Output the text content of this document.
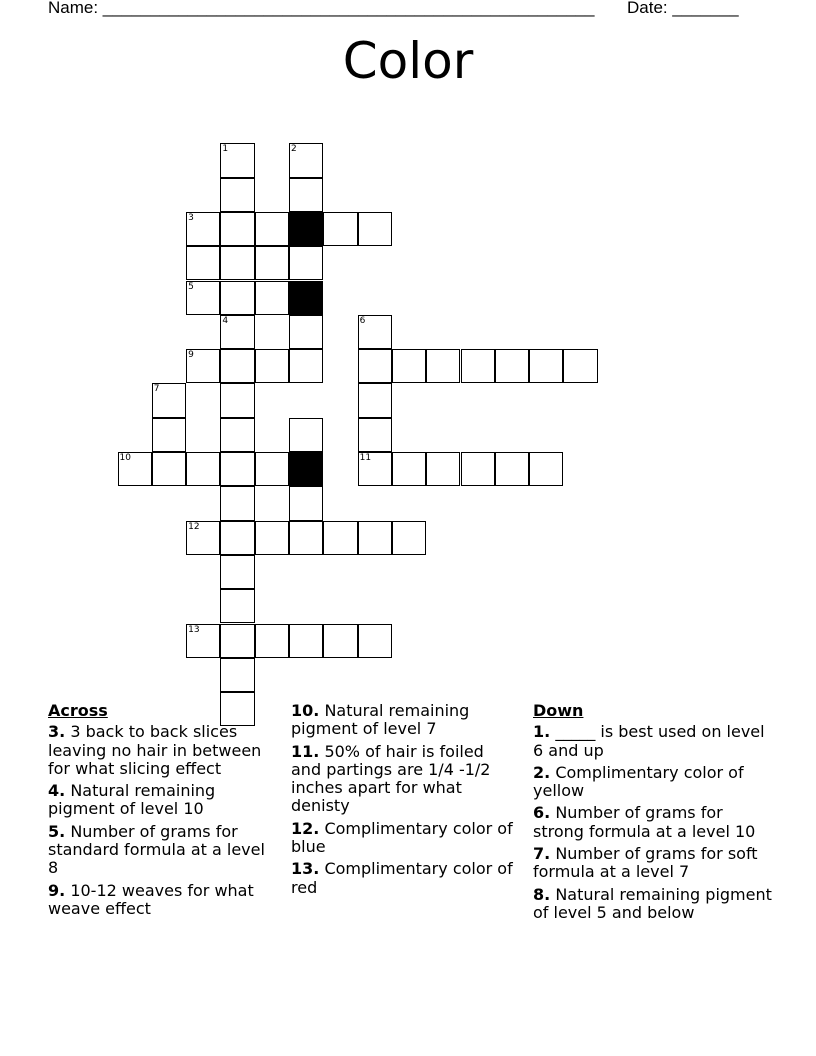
Name: ____________________________________________________ Date: _______
Color
1
4
2
3
5
9
6
11
7
10
12
13
Across
3. 3 back to back slices leaving no hair in between for what slicing effect
4. Natural remaining pigment of level 10
5. Number of grams for standard formula at a level 8
9. 10-12 weaves for what weave effect
10. Natural remaining pigment of level 7
11. 50% of hair is foiled and partings are 1/4 -1/2 inches apart for what denisty
12. Complimentary color of blue
13. Complimentary color of red
Down
1. _____ is best used on level 6 and up
2. Complimentary color of yellow
6. Number of grams for strong formula at a level 10
7. Number of grams for soft formula at a level 7
8. Natural remaining pigment of level 5 and below
